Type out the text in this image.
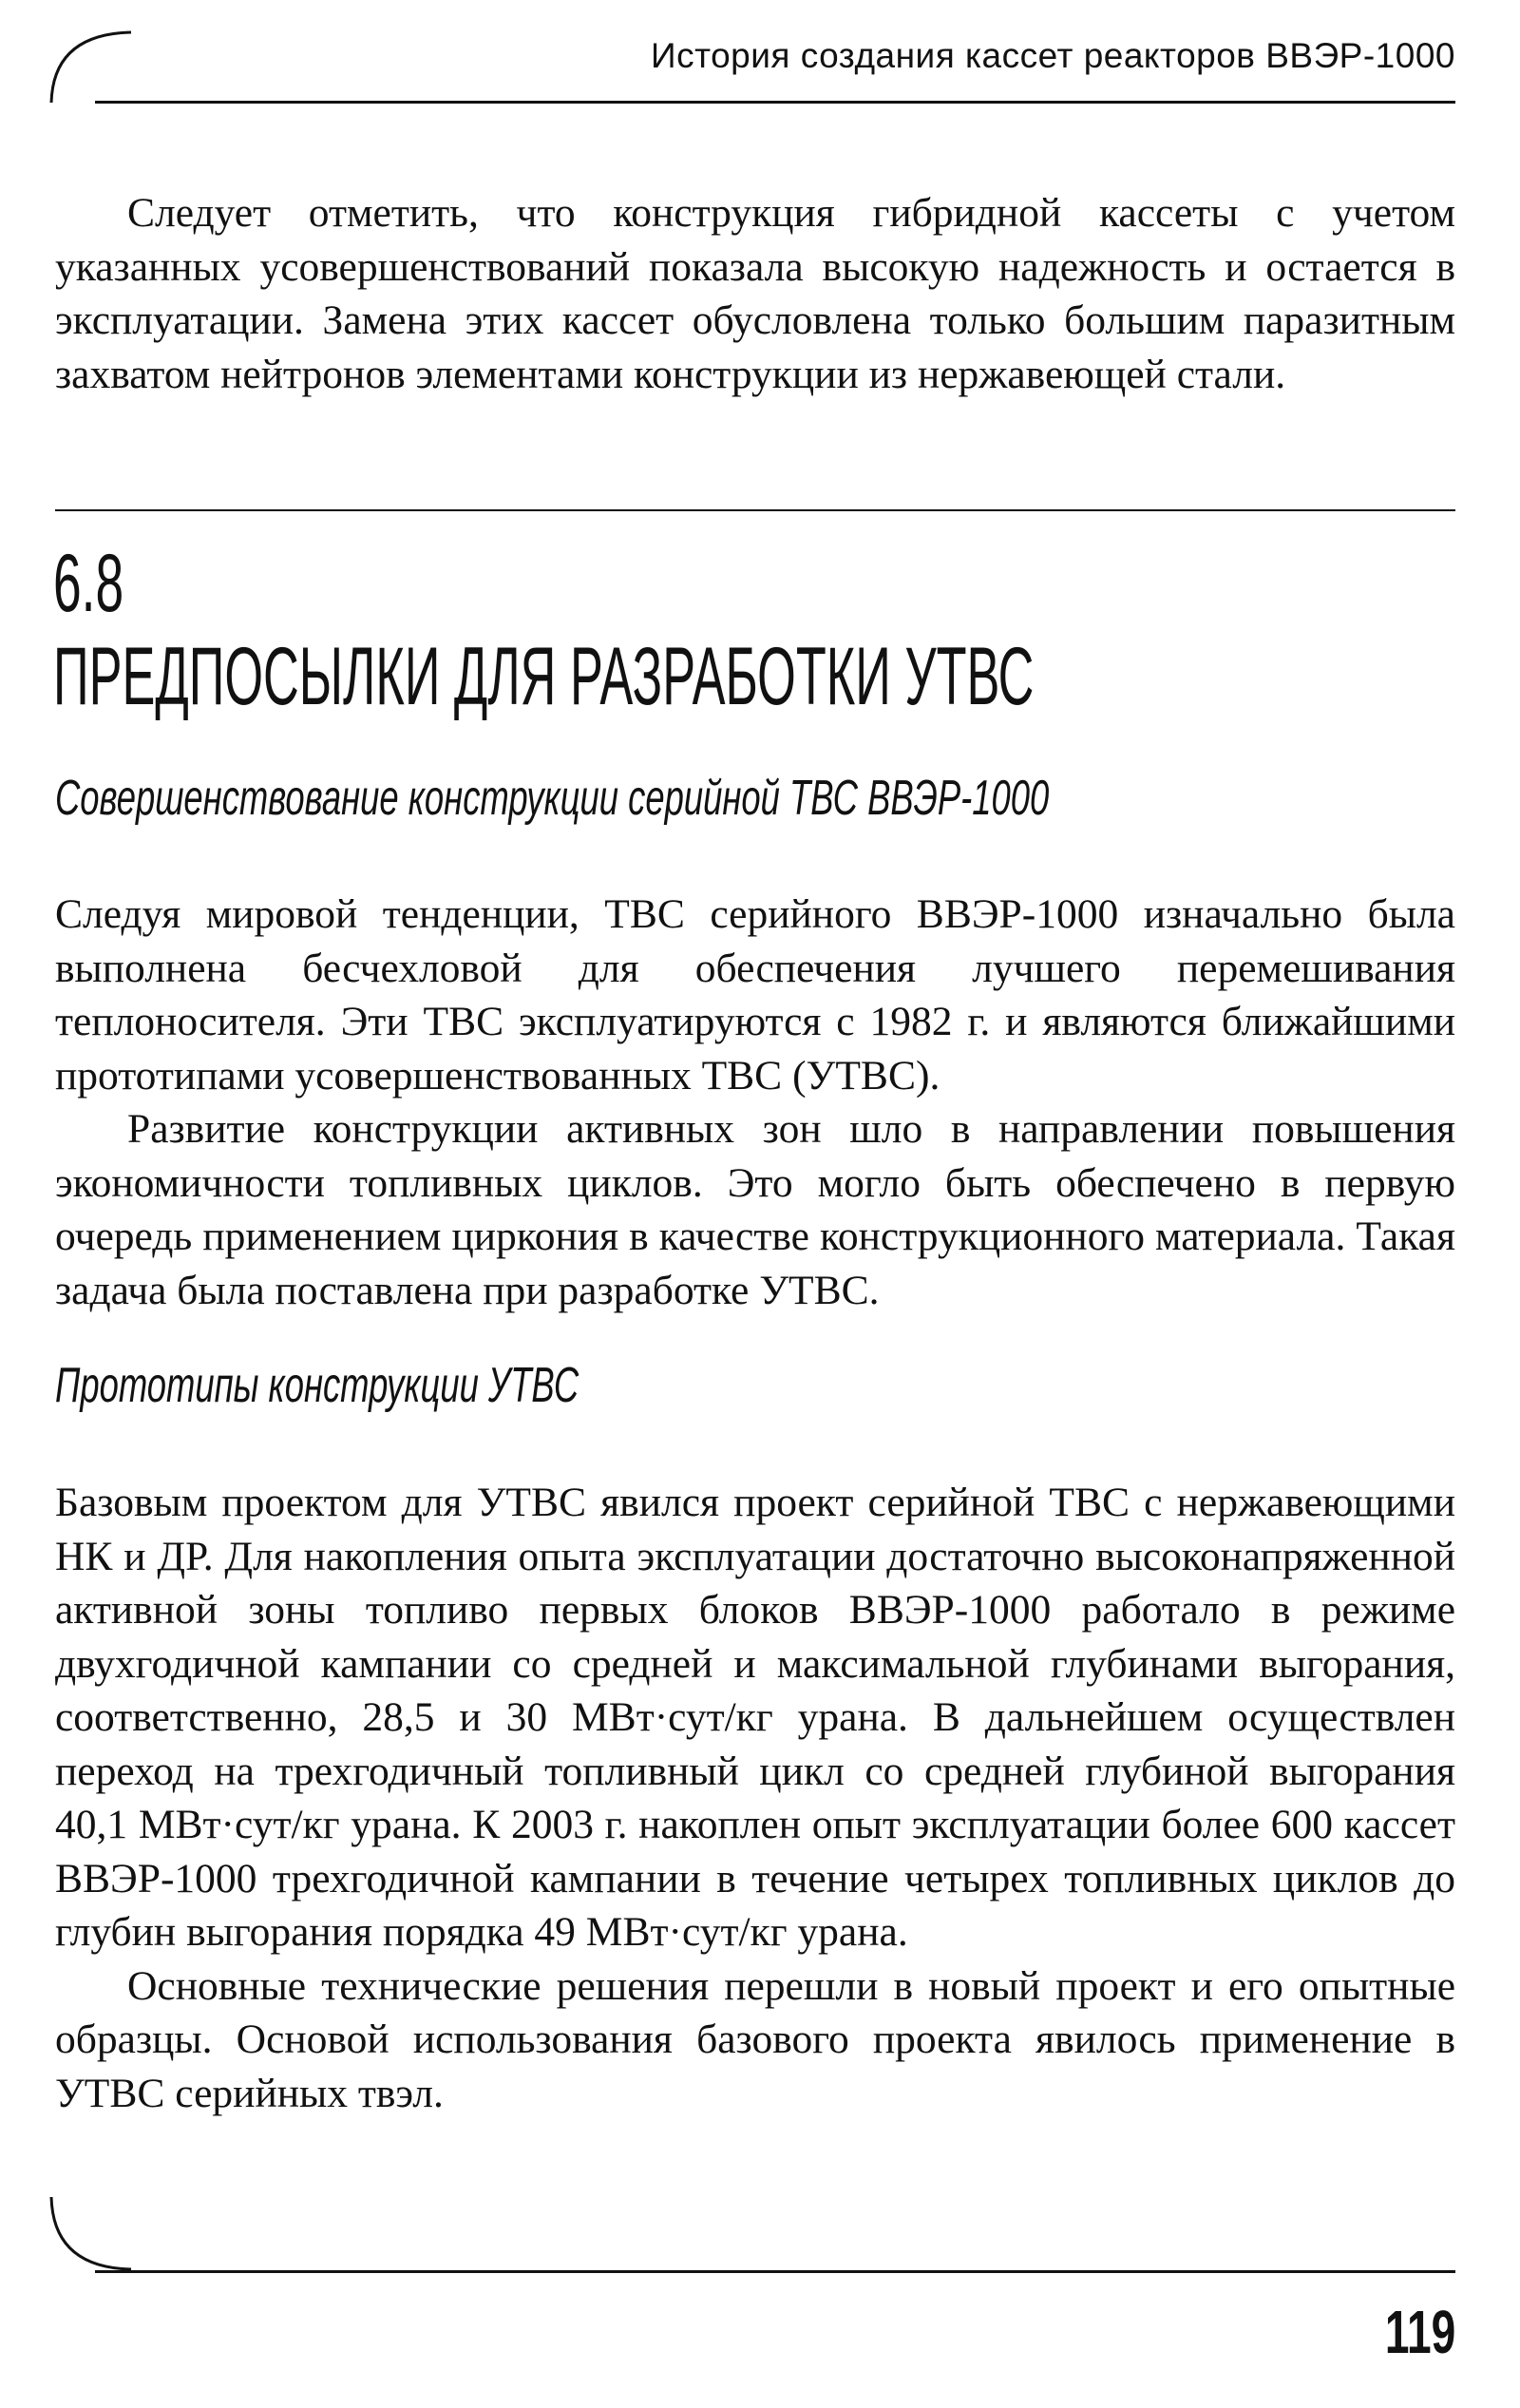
История создания кассет реакторов ВВЭР-1000

Следует отметить, что конструкция гибридной кассеты с учетом указанных усовершенствований показала высокую надежность и остается в эксплуатации. Замена этих кассет обусловлена только большим паразитным захватом нейтронов элементами конструкции из нержавеющей стали.

6.8
ПРЕДПОСЫЛКИ ДЛЯ РАЗРАБОТКИ УТВС
Совершенствование конструкции серийной ТВС ВВЭР-1000

Следуя мировой тенденции, ТВС серийного ВВЭР-1000 изначально была выполнена бесчехловой для обеспечения лучшего перемешивания теплоносителя. Эти ТВС эксплуатируются с 1982 г. и являются ближайшими прототипами усовершенствованных ТВС (УТВС).

Развитие конструкции активных зон шло в направлении повышения экономичности топливных циклов. Это могло быть обеспечено в первую очередь применением циркония в качестве конструкционного материала. Такая задача была поставлена при разработке УТВС.

Прототипы конструкции УТВС

Базовым проектом для УТВС явился проект серийной ТВС с нержавеющими НК и ДР. Для накопления опыта эксплуатации достаточно высоконапряженной активной зоны топливо первых блоков ВВЭР-1000 работало в режиме двухгодичной кампании со средней и максимальной глубинами выгорания, соответственно, 28,5 и 30 МВт·сут/кг урана. В дальнейшем осуществлен переход на трехгодичный топливный цикл со средней глубиной выгорания 40,1 МВт·сут/кг урана. К 2003 г. накоплен опыт эксплуатации более 600 кассет ВВЭР-1000 трехгодичной кампании в течение четырех топливных циклов до глубин выгорания порядка 49 МВт·сут/кг урана.

Основные технические решения перешли в новый проект и его опытные образцы. Основой использования базового проекта явилось применение в УТВС серийных твэл.

119
